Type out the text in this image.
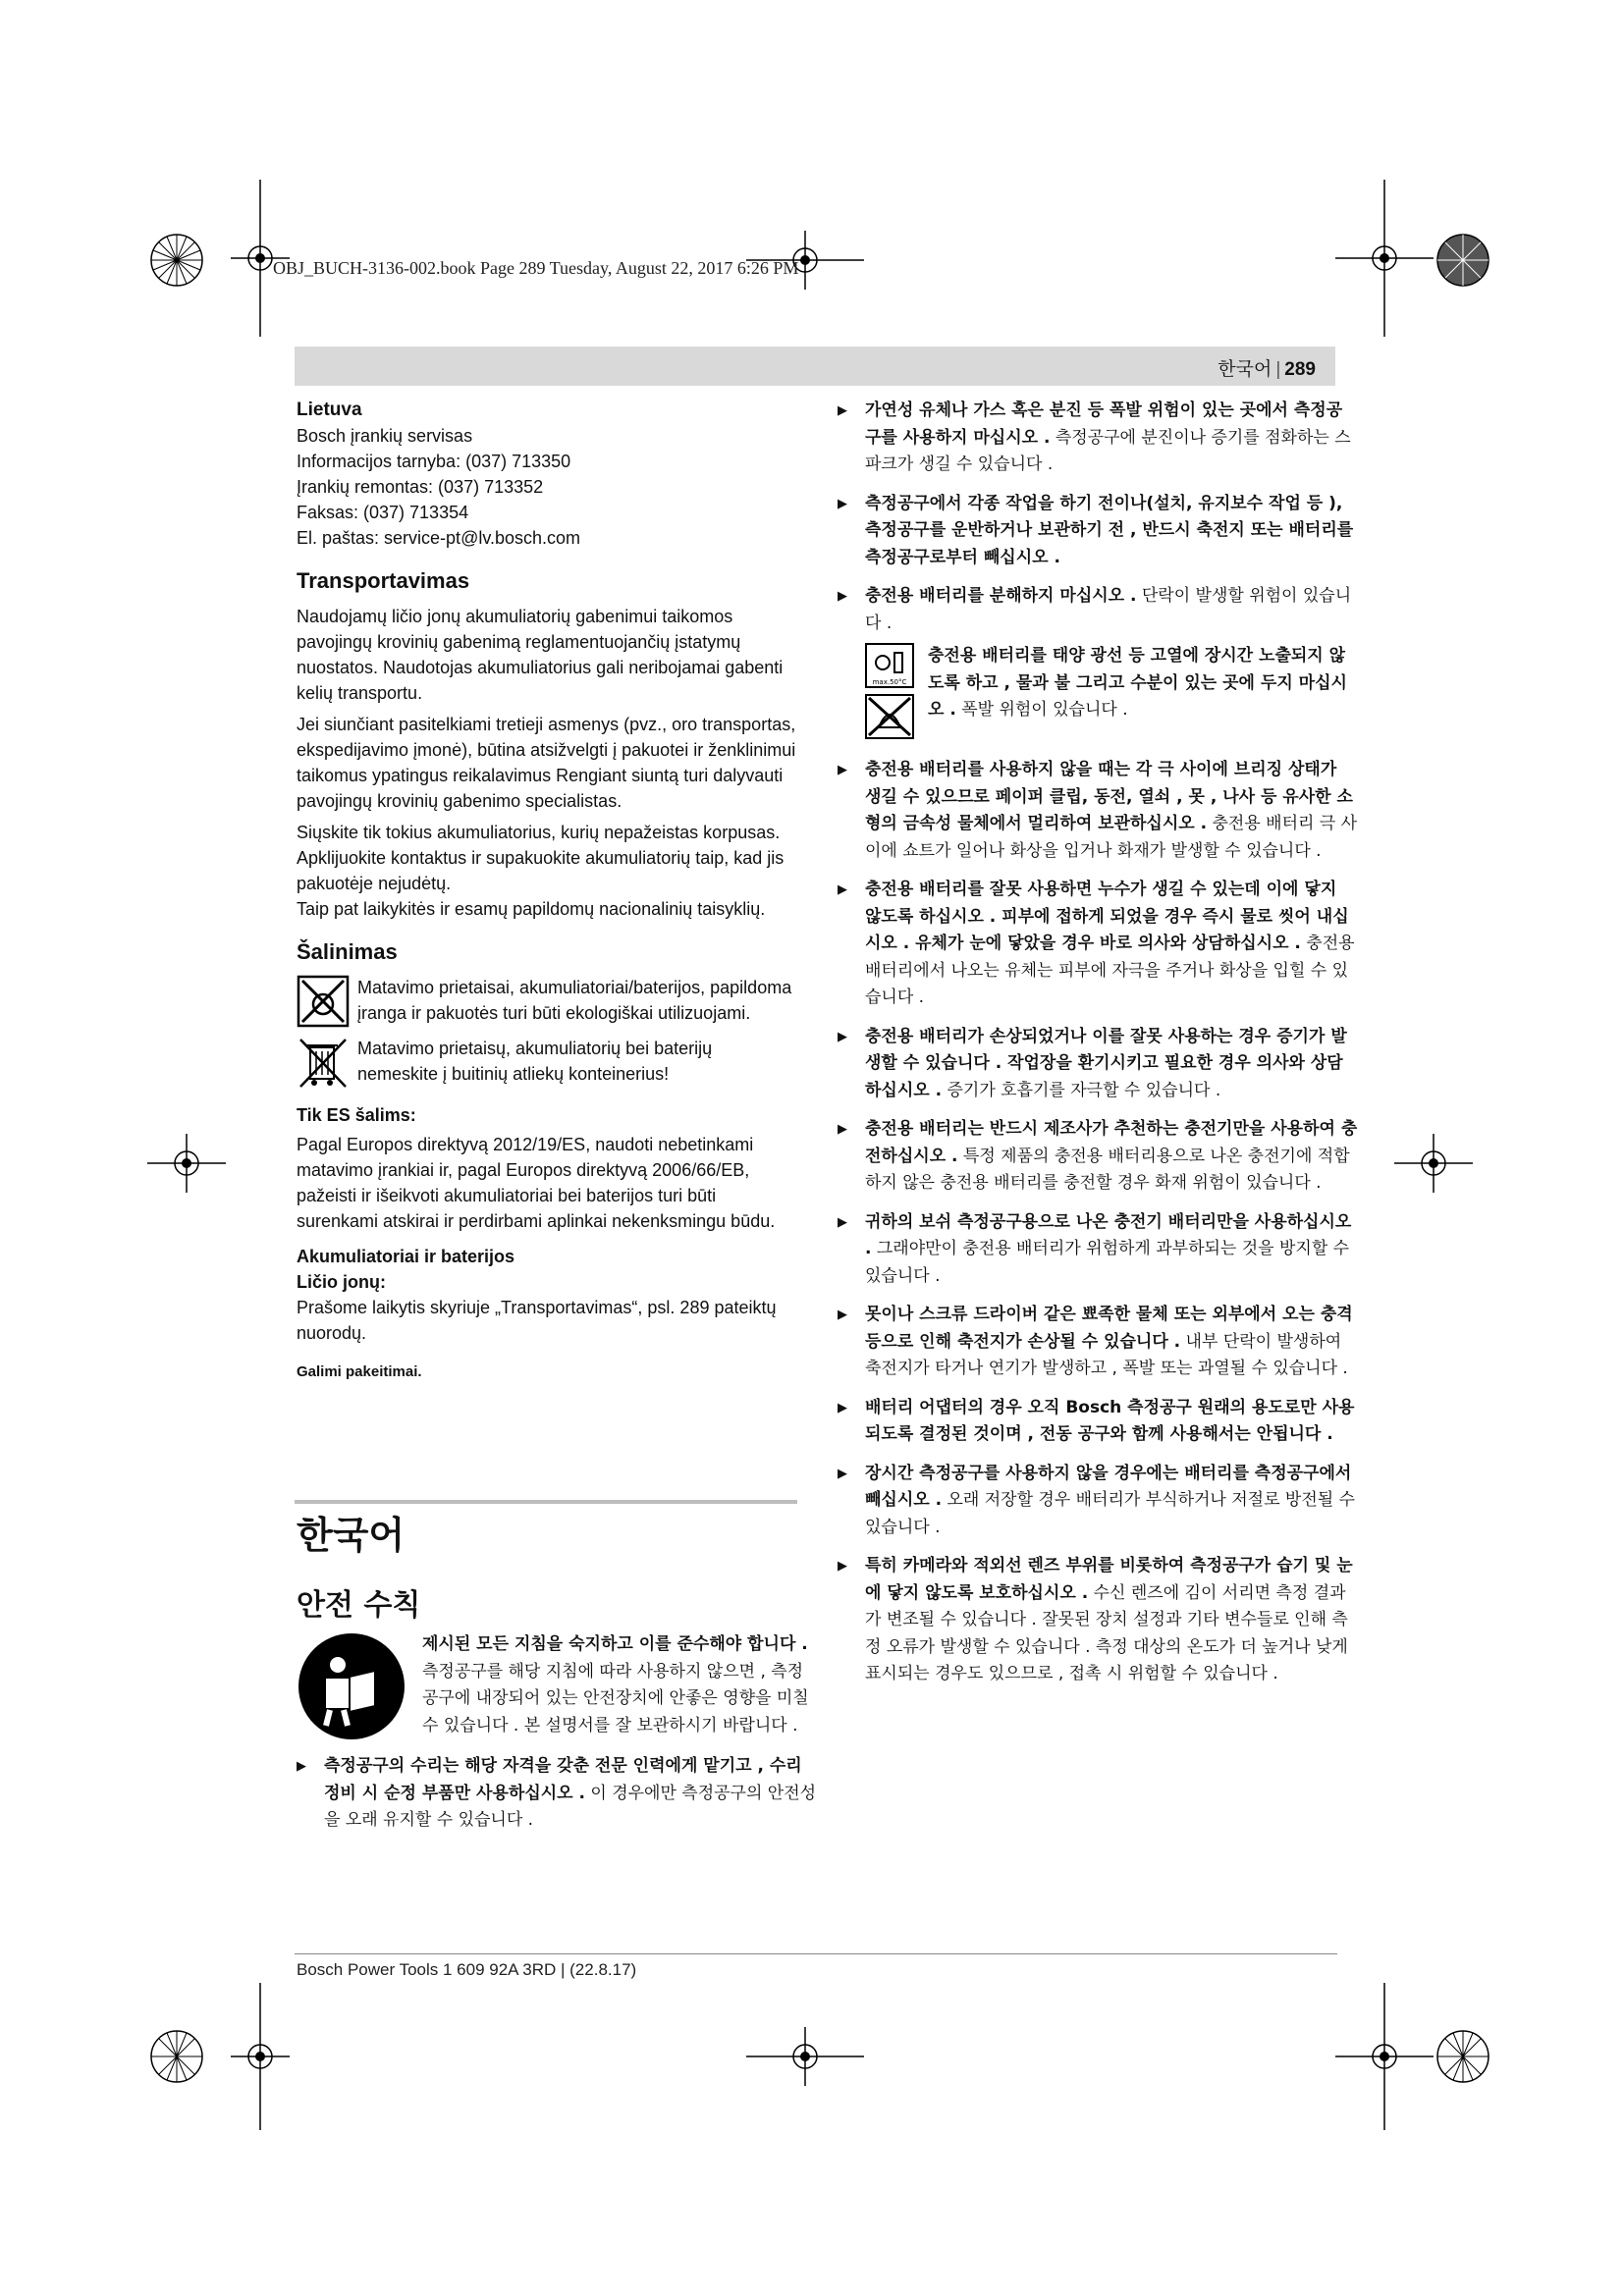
OBJ_BUCH-3136-002.book Page 289 Tuesday, August 22, 2017 6:26 PM
한국어 | 289
Lietuva
Bosch įrankių servisas
Informacijos tarnyba: (037) 713350
Įrankių remontas: (037) 713352
Faksas: (037) 713354
El. paštas: service-pt@lv.bosch.com
Transportavimas

Naudojamų ličio jonų akumuliatorių gabenimui taikomos pavojingų krovinių gabenimą reglamentuojančių įstatymų nuostatos. Naudotojas akumuliatorius gali neribojamai gabenti kelių transportu.

Jei siunčiant pasitelkiami tretieji asmenys (pvz., oro transportas, ekspedijavimo įmonė), būtina atsižvelgti į pakuotei ir ženklinimui taikomus ypatingus reikalavimus Rengiant siuntą turi dalyvauti pavojingų krovinių gabenimo specialistas.

Siųskite tik tokius akumuliatorius, kurių nepažeistas korpusas. Apklijuokite kontaktus ir supakuokite akumuliatorių taip, kad jis pakuotėje nejudėtų.

Taip pat laikykitės ir esamų papildomų nacionalinių taisyklių.

Šalinimas
Matavimo prietaisai, akumuliatoriai/baterijos, papildoma įranga ir pakuotės turi būti ekologiškai utilizuojami.
Matavimo prietaisų, akumuliatorių bei baterijų nemeskite į buitinių atliekų konteinerius!
Tik ES šalims:

Pagal Europos direktyvą 2012/19/ES, naudoti nebetinkami matavimo įrankiai ir, pagal Europos direktyvą 2006/66/EB, pažeisti ir išeikvoti akumuliatoriai bei baterijos turi būti surenkami atskirai ir perdirbami aplinkai nekenksmingu būdu.

Akumuliatoriai ir baterijos
Ličio jonų:

Prašome laikytis skyriuje „Transportavimas“, psl. 289 pateiktų nuorodų.

Galimi pakeitimai.
한국어
안전 수칙
제시된 모든 지침을 숙지하고 이를 준수해야 합니다 . 측정공구를 해당 지침에 따라 사용하지 않으면 , 측정공구에 내장되어 있는 안전장치에 안좋은 영향을 미칠 수 있습니다 . 본 설명서를 잘 보관하시기 바랍니다 .
▶ 측정공구의 수리는 해당 자격을 갖춘 전문 인력에게 맡기고 , 수리 정비 시 순정 부품만 사용하십시오 . 이 경우에만 측정공구의 안전성을 오래 유지할 수 있습니다 .
▶ 가연성 유체나 가스 혹은 분진 등 폭발 위험이 있는 곳에서 측정공구를 사용하지 마십시오 . 측정공구에 분진이나 증기를 점화하는 스파크가 생길 수 있습니다 .
▶ 측정공구에서 각종 작업을 하기 전이나(설치, 유지보수 작업 등 ), 측정공구를 운반하거나 보관하기 전 , 반드시 축전지 또는 배터리를 측정공구로부터 빼십시오 .
▶ 충전용 배터리를 분해하지 마십시오 . 단락이 발생할 위험이 있습니다 .
max.50°C
충전용 배터리를 태양 광선 등 고열에 장시간 노출되지 않도록 하고 , 물과 불 그리고 수분이 있는 곳에 두지 마십시오 . 폭발 위험이 있습니다 .
▶ 충전용 배터리를 사용하지 않을 때는 각 극 사이에 브리징 상태가 생길 수 있으므로 페이퍼 클립, 동전, 열쇠 , 못 , 나사 등 유사한 소형의 금속성 물체에서 멀리하여 보관하십시오 . 충전용 배터리 극 사이에 쇼트가 일어나 화상을 입거나 화재가 발생할 수 있습니다 .
▶ 충전용 배터리를 잘못 사용하면 누수가 생길 수 있는데 이에 닿지 않도록 하십시오 . 피부에 접하게 되었을 경우 즉시 물로 씻어 내십시오 . 유체가 눈에 닿았을 경우 바로 의사와 상담하십시오 . 충전용 배터리에서 나오는 유체는 피부에 자극을 주거나 화상을 입힐 수 있습니다 .
▶ 충전용 배터리가 손상되었거나 이를 잘못 사용하는 경우 증기가 발생할 수 있습니다 . 작업장을 환기시키고 필요한 경우 의사와 상담하십시오 . 증기가 호흡기를 자극할 수 있습니다 .
▶ 충전용 배터리는 반드시 제조사가 추천하는 충전기만을 사용하여 충전하십시오 . 특정 제품의 충전용 배터리용으로 나온 충전기에 적합하지 않은 충전용 배터리를 충전할 경우 화재 위험이 있습니다 .
▶ 귀하의 보쉬 측정공구용으로 나온 충전기 배터리만을 사용하십시오 . 그래야만이 충전용 배터리가 위험하게 과부하되는 것을 방지할 수 있습니다 .
▶ 못이나 스크류 드라이버 같은 뾰족한 물체 또는 외부에서 오는 충격 등으로 인해 축전지가 손상될 수 있습니다 . 내부 단락이 발생하여 축전지가 타거나 연기가 발생하고 , 폭발 또는 과열될 수 있습니다 .
▶ 배터리 어댑터의 경우 오직 Bosch 측정공구 원래의 용도로만 사용되도록 결정된 것이며 , 전동 공구와 함께 사용해서는 안됩니다 .
▶ 장시간 측정공구를 사용하지 않을 경우에는 배터리를 측정공구에서 빼십시오 . 오래 저장할 경우 배터리가 부식하거나 저절로 방전될 수 있습니다 .
▶ 특히 카메라와 적외선 렌즈 부위를 비롯하여 측정공구가 습기 및 눈에 닿지 않도록 보호하십시오 . 수신 렌즈에 김이 서리면 측정 결과가 변조될 수 있습니다 . 잘못된 장치 설정과 기타 변수들로 인해 측정 오류가 발생할 수 있습니다 . 측정 대상의 온도가 더 높거나 낮게 표시되는 경우도 있으므로 , 접촉 시 위험할 수 있습니다 .
Bosch Power Tools 1 609 92A 3RD | (22.8.17)
